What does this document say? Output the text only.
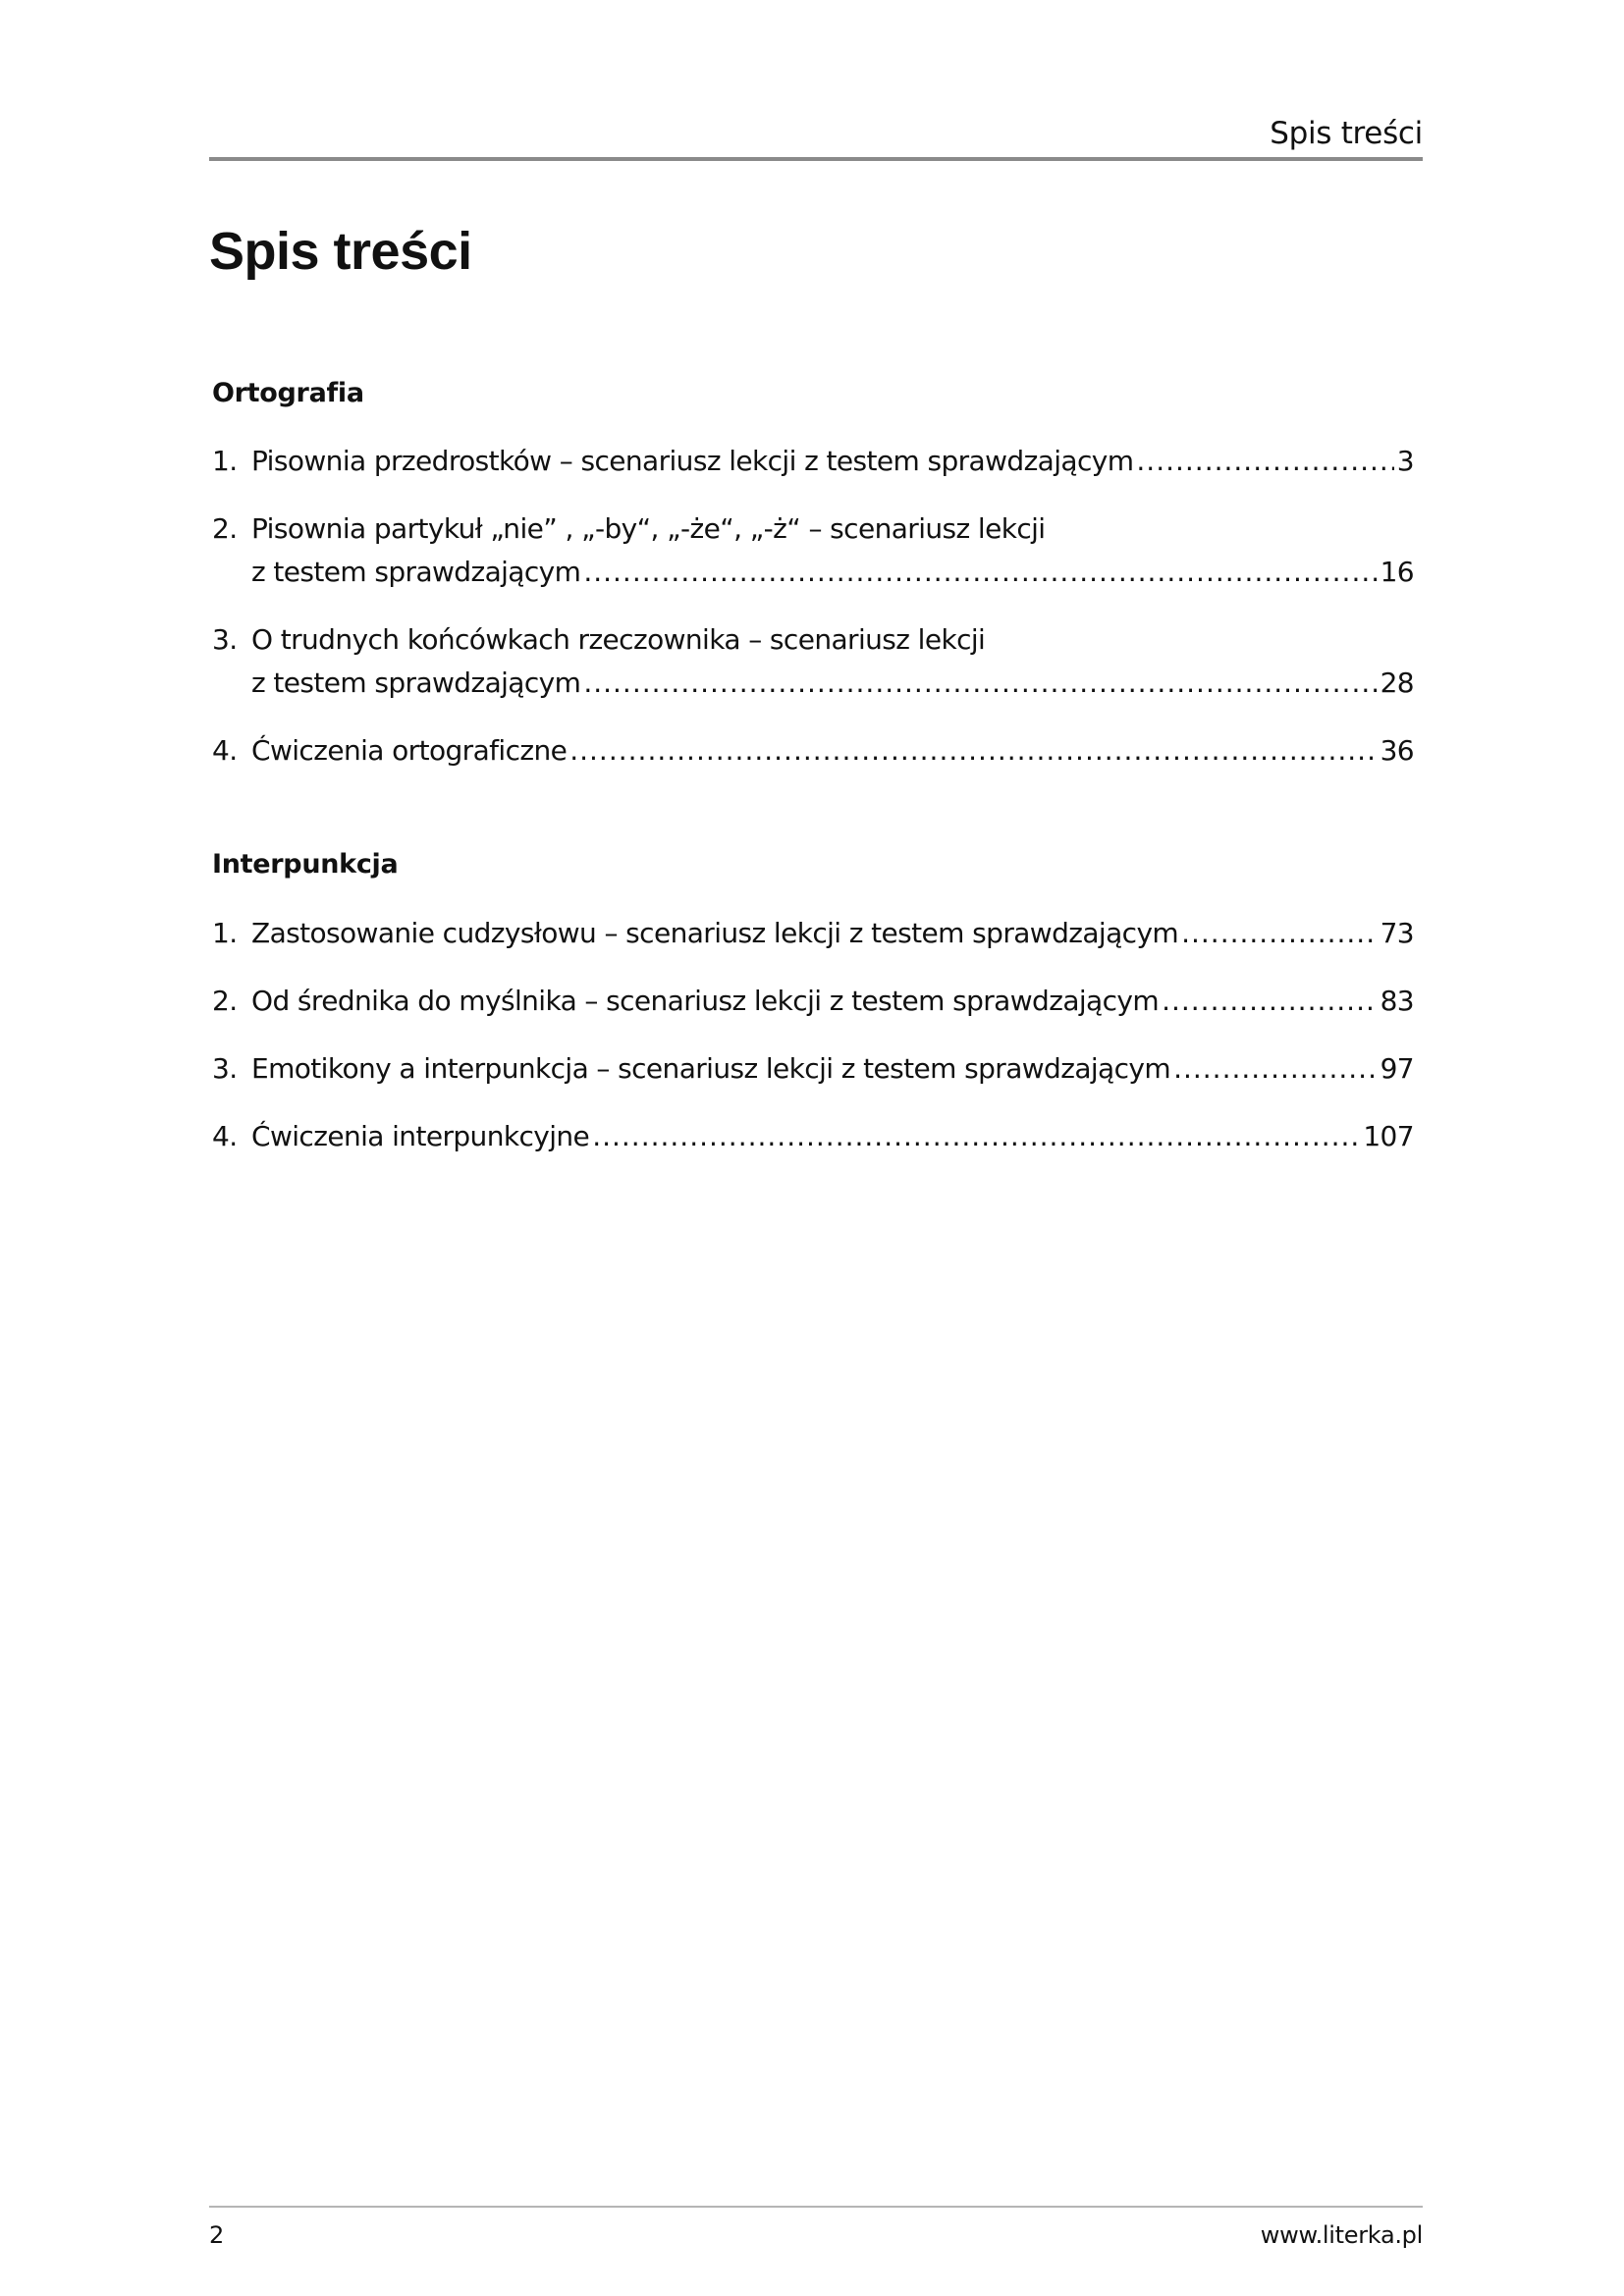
Spis treści
Spis treści
Ortografia
1. Pisownia przedrostków – scenariusz lekcji z testem sprawdzającym .....	3
2. Pisownia partykuł „nie” , „-by“, „-że“, „-ż“ – scenariusz lekcji
z testem sprawdzającym .....	16
3. O trudnych końcówkach rzeczownika – scenariusz lekcji
z testem sprawdzającym .....	28
4. Ćwiczenia ortograficzne .....	36
Interpunkcja
1. Zastosowanie cudzysłowu – scenariusz lekcji z testem sprawdzającym .....	73
2. Od średnika do myślnika – scenariusz lekcji z testem sprawdzającym .....	83
3. Emotikony a interpunkcja – scenariusz lekcji z testem sprawdzającym .....	97
4. Ćwiczenia interpunkcyjne .....	107
2	www.literka.pl
